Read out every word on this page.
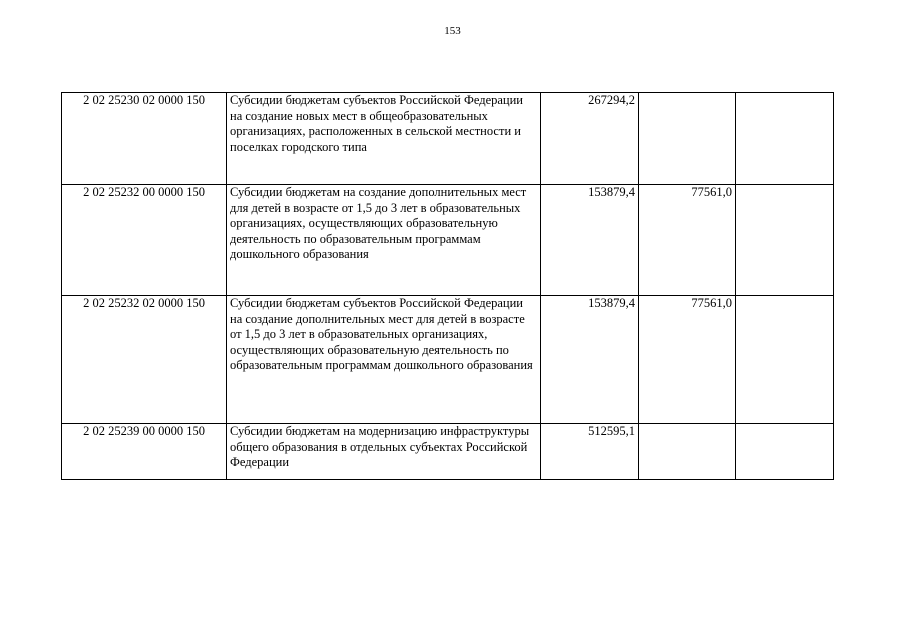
153
2 02 25230 02 0000 150	Субсидии бюджетам субъектов Российской Федерации на создание новых мест в общеобразовательных организациях, расположенных в сельской местности и поселках городского типа	267294,2		
2 02 25232 00 0000 150	Субсидии бюджетам на создание дополнительных мест для детей в возрасте от 1,5 до 3 лет в образовательных организациях, осуществляющих образовательную деятельность по образовательным программам дошкольного образования	153879,4	77561,0	
2 02 25232 02 0000 150	Субсидии бюджетам субъектов Российской Федерации на создание дополнительных мест для детей в возрасте от 1,5 до 3 лет в образовательных организациях, осуществляющих образовательную деятельность по образовательным программам дошкольного образования	153879,4	77561,0	
2 02 25239 00 0000 150	Субсидии бюджетам на модернизацию инфраструктуры общего образования в отдельных субъектах Российской Федерации	512595,1		
